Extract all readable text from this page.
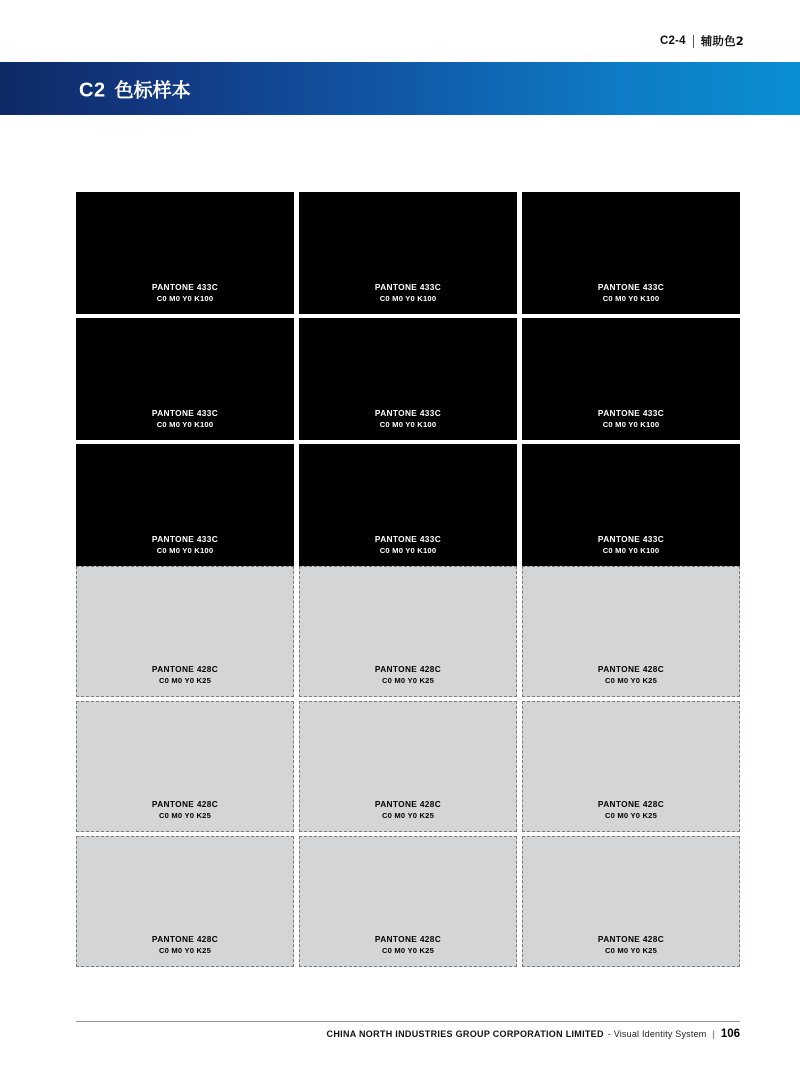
C2-4 辅助色2
C2 色标样本
PANTONE 433C
C0 M0 Y0 K100
PANTONE 433C
C0 M0 Y0 K100
PANTONE 433C
C0 M0 Y0 K100
PANTONE 433C
C0 M0 Y0 K100
PANTONE 433C
C0 M0 Y0 K100
PANTONE 433C
C0 M0 Y0 K100
PANTONE 433C
C0 M0 Y0 K100
PANTONE 433C
C0 M0 Y0 K100
PANTONE 433C
C0 M0 Y0 K100
PANTONE 428C
C0 M0 Y0 K25
PANTONE 428C
C0 M0 Y0 K25
PANTONE 428C
C0 M0 Y0 K25
PANTONE 428C
C0 M0 Y0 K25
PANTONE 428C
C0 M0 Y0 K25
PANTONE 428C
C0 M0 Y0 K25
PANTONE 428C
C0 M0 Y0 K25
PANTONE 428C
C0 M0 Y0 K25
PANTONE 428C
C0 M0 Y0 K25
CHINA NORTH INDUSTRIES GROUP CORPORATION LIMITED - Visual Identity System | 106
